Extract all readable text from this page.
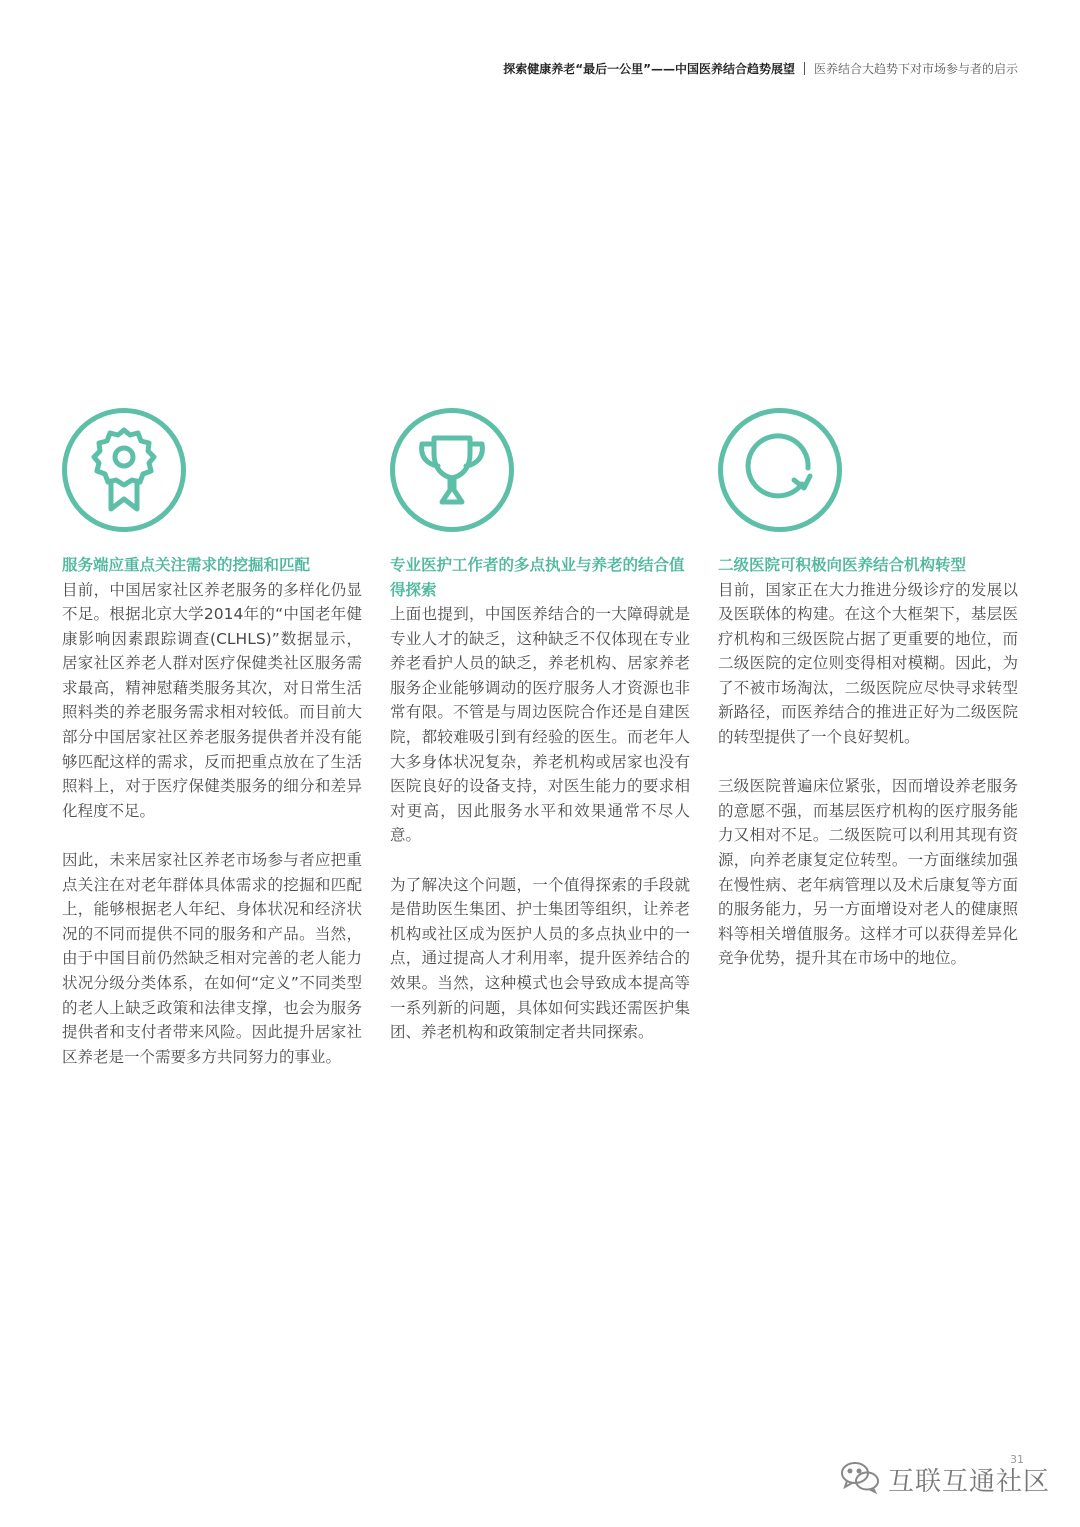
探索健康养老“最后一公里”——中国医养结合趋势展望 医养结合大趋势下对市场参与者的启示
服务端应重点关注需求的挖掘和匹配

目前，中国居家社区养老服务的多样化仍显不足。根据北京大学2014年的“中国老年健康影响因素跟踪调查(CLHLS)”数据显示，居家社区养老人群对医疗保健类社区服务需求最高，精神慰藉类服务其次，对日常生活照料类的养老服务需求相对较低。而目前大部分中国居家社区养老服务提供者并没有能够匹配这样的需求，反而把重点放在了生活照料上，对于医疗保健类服务的细分和差异化程度不足。

因此，未来居家社区养老市场参与者应把重点关注在对老年群体具体需求的挖掘和匹配上，能够根据老人年纪、身体状况和经济状况的不同而提供不同的服务和产品。当然，由于中国目前仍然缺乏相对完善的老人能力状况分级分类体系，在如何“定义”不同类型的老人上缺乏政策和法律支撑，也会为服务提供者和支付者带来风险。因此提升居家社区养老是一个需要多方共同努力的事业。

专业医护工作者的多点执业与养老的结合值得探索

上面也提到，中国医养结合的一大障碍就是专业人才的缺乏，这种缺乏不仅体现在专业养老看护人员的缺乏，养老机构、居家养老服务企业能够调动的医疗服务人才资源也非常有限。不管是与周边医院合作还是自建医院，都较难吸引到有经验的医生。而老年人大多身体状况复杂，养老机构或居家也没有医院良好的设备支持，对医生能力的要求相对更高，因此服务水平和效果通常不尽人意。

为了解决这个问题，一个值得探索的手段就是借助医生集团、护士集团等组织，让养老机构或社区成为医护人员的多点执业中的一点，通过提高人才利用率，提升医养结合的效果。当然，这种模式也会导致成本提高等一系列新的问题，具体如何实践还需医护集团、养老机构和政策制定者共同探索。

二级医院可积极向医养结合机构转型

目前，国家正在大力推进分级诊疗的发展以及医联体的构建。在这个大框架下，基层医疗机构和三级医院占据了更重要的地位，而二级医院的定位则变得相对模糊。因此，为了不被市场淘汰，二级医院应尽快寻求转型新路径，而医养结合的推进正好为二级医院的转型提供了一个良好契机。

三级医院普遍床位紧张，因而增设养老服务的意愿不强，而基层医疗机构的医疗服务能力又相对不足。二级医院可以利用其现有资源，向养老康复定位转型。一方面继续加强在慢性病、老年病管理以及术后康复等方面的服务能力，另一方面增设对老人的健康照料等相关增值服务。这样才可以获得差异化竞争优势，提升其在市场中的地位。

31
互联互通社区
